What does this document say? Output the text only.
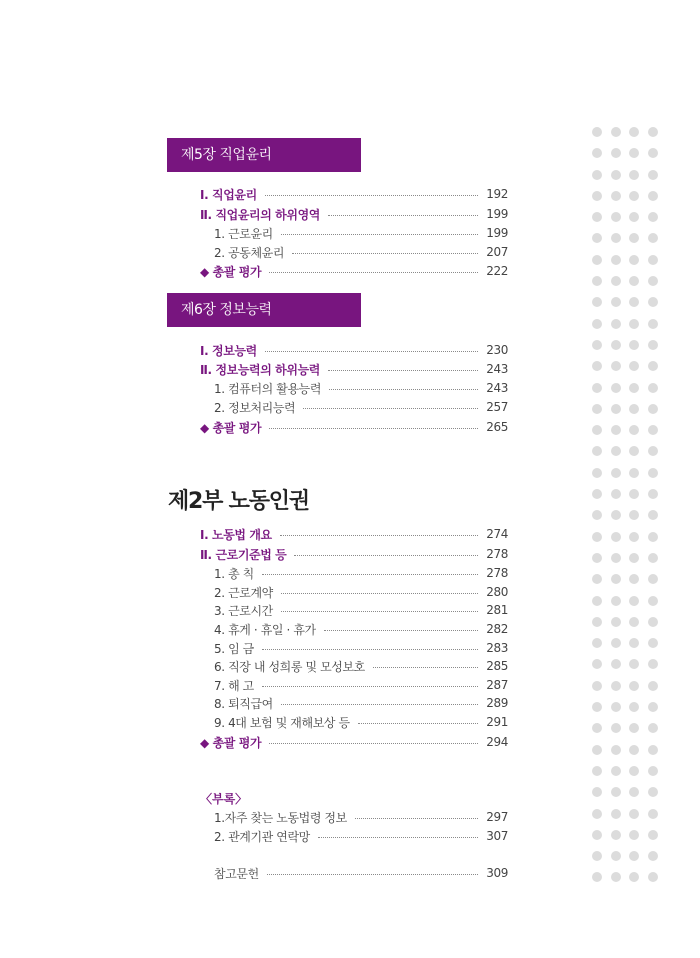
제5장 직업윤리
Ⅰ. 직업윤리	192
Ⅱ. 직업윤리의 하위영역	199
1. 근로윤리	199
2. 공동체윤리	207
◆ 총괄 평가	222
제6장 정보능력
Ⅰ. 정보능력	230
Ⅱ. 정보능력의 하위능력	243
1. 컴퓨터의 활용능력	243
2. 정보처리능력	257
◆ 총괄 평가	265
제2부 노동인권
Ⅰ. 노동법 개요	274
Ⅱ. 근로기준법 등	278
1. 총 칙	278
2. 근로계약	280
3. 근로시간	281
4. 휴게 · 휴일 · 휴가	282
5. 임 금	283
6. 직장 내 성희롱 및 모성보호	285
7. 해 고	287
8. 퇴직급여	289
9. 4대 보험 및 재해보상 등	291
◆ 총괄 평가	294
〈부록〉
1.자주 찾는 노동법령 정보	297
2. 관계기관 연락망	307
참고문헌	309
